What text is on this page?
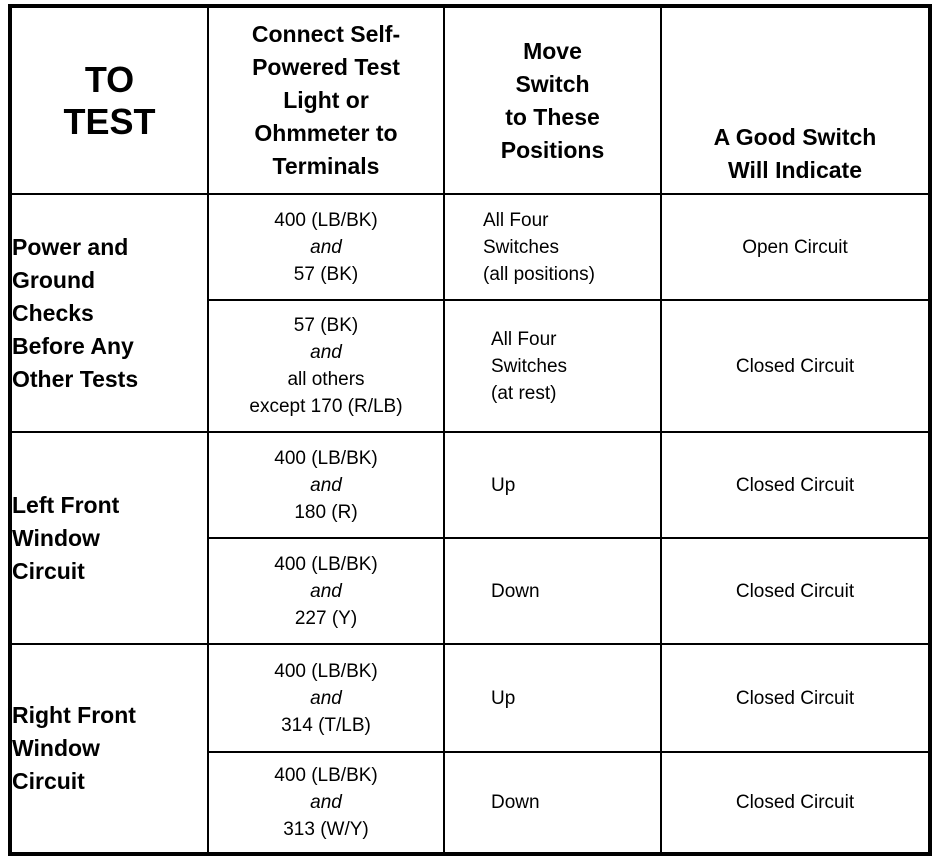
TO
TEST	Connect Self-
Powered Test
Light or
Ohmmeter to
Terminals	Move
Switch
to These
Positions	A Good Switch
Will Indicate

Power and
Ground
Checks
Before Any
Other Tests	400 (LB/BK)
and
57 (BK)	All Four
Switches
(all positions)	Open Circuit

	57 (BK)
and
all others
except 170 (R/LB)	All Four
Switches
(at rest)	Closed Circuit

Left Front
Window
Circuit	400 (LB/BK)
and
180 (R)	Up	Closed Circuit

	400 (LB/BK)
and
227 (Y)	Down	Closed Circuit

Right Front
Window
Circuit	400 (LB/BK)
and
314 (T/LB)	Up	Closed Circuit

	400 (LB/BK)
and
313 (W/Y)	Down	Closed Circuit
